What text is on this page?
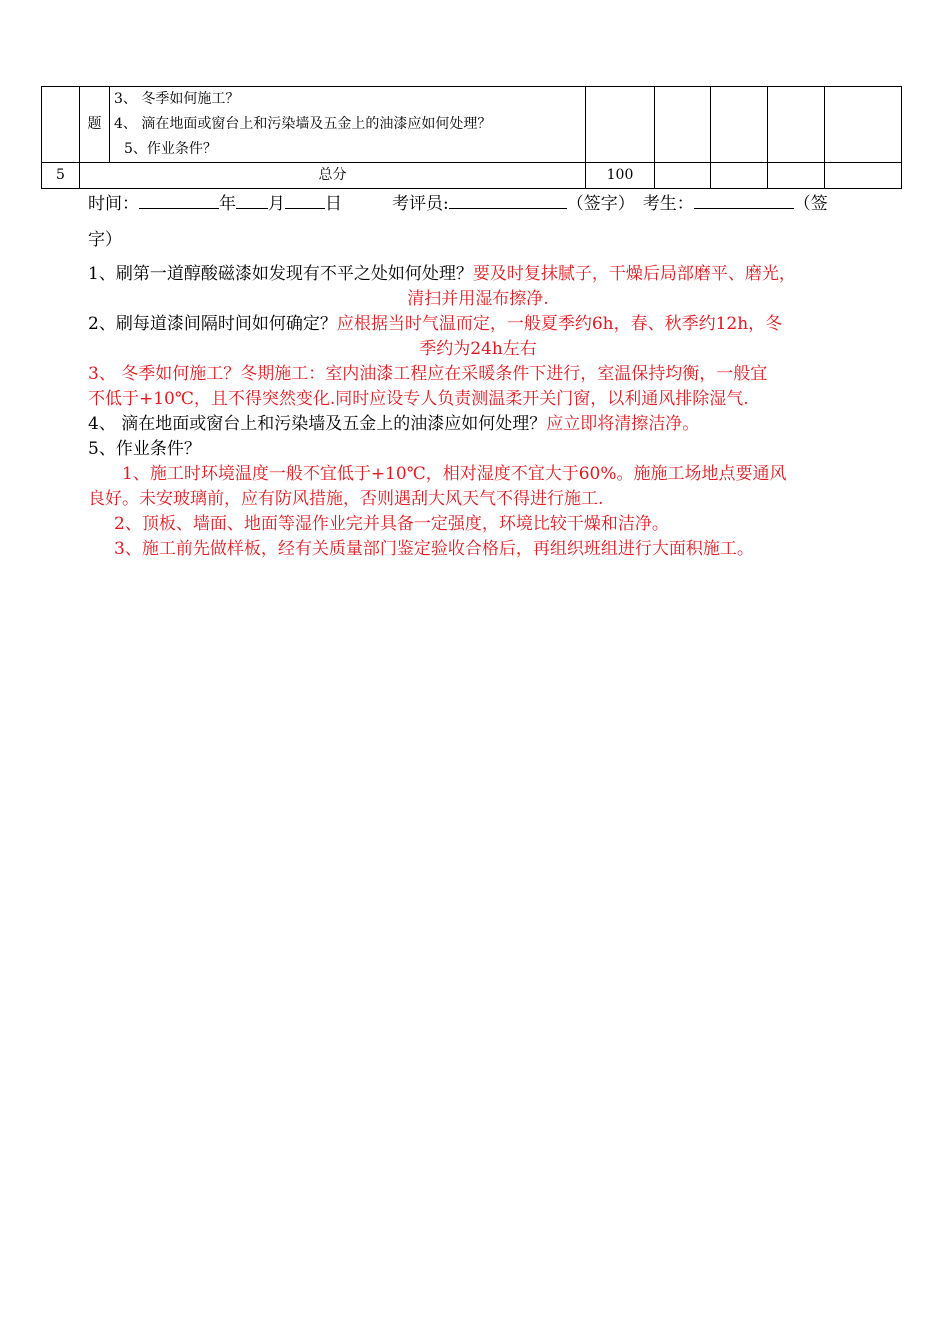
	题	3、 冬季如何施工？
4、 滴在地面或窗台上和污染墙及五金上的油漆应如何处理？
5、作业条件？					

5	总分		100				
时间：	年 月 日	考评员:	（签字） 考生：	（签
字）
1、刷第一道醇酸磁漆如发现有不平之处如何处理？要及时复抹腻子，干燥后局部磨平、磨光，
清扫并用湿布擦净.
2、刷每道漆间隔时间如何确定？应根据当时气温而定，一般夏季约6h，春、秋季约12h，冬
季约为24h左右
3、 冬季如何施工？冬期施工：室内油漆工程应在采暖条件下进行，室温保持均衡，一般宜
不低于+10℃，且不得突然变化.同时应设专人负责测温柔开关门窗，以利通风排除湿气.
4、 滴在地面或窗台上和污染墙及五金上的油漆应如何处理？应立即将清擦洁净。
5、作业条件？
1、施工时环境温度一般不宜低于+10℃，相对湿度不宜大于60%。施施工场地点要通风
良好。未安玻璃前，应有防风措施，否则遇刮大风天气不得进行施工.
2、顶板、墙面、地面等湿作业完并具备一定强度，环境比较干燥和洁净。
3、施工前先做样板，经有关质量部门鉴定验收合格后，再组织班组进行大面积施工。
